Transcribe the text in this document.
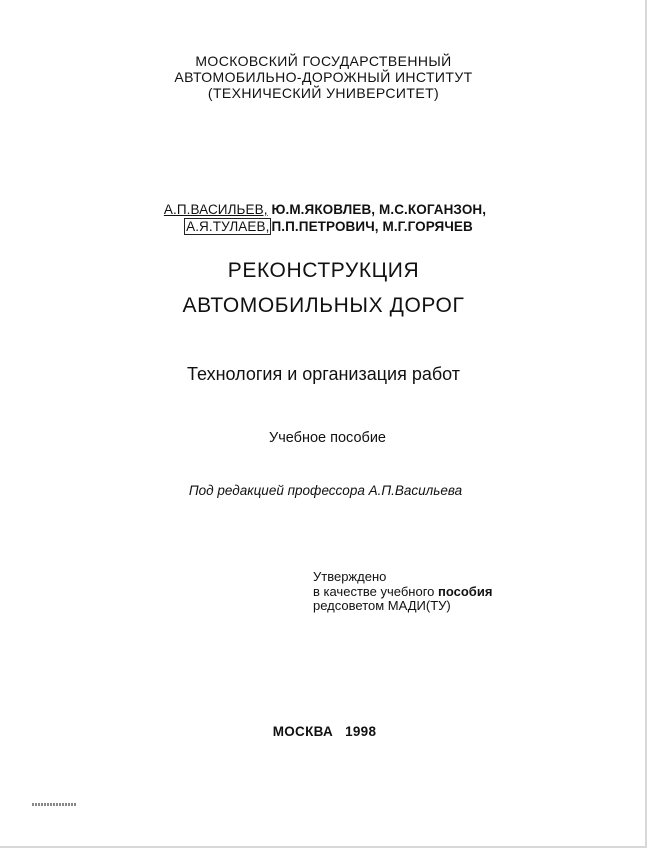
МОСКОВСКИЙ ГОСУДАРСТВЕННЫЙ
АВТОМОБИЛЬНО-ДОРОЖНЫЙ ИНСТИТУТ
(ТЕХНИЧЕСКИЙ УНИВЕРСИТЕТ)
А.П.ВАСИЛЬЕВ, Ю.М.ЯКОВЛЕВ, М.С.КОГАНЗОН,
А.Я.ТУЛАЕВ, П.П.ПЕТРОВИЧ, М.Г.ГОРЯЧЕВ
РЕКОНСТРУКЦИЯ
АВТОМОБИЛЬНЫХ ДОРОГ
Технология и организация работ
Учебное пособие
Под редакцией профессора А.П.Васильева
Утверждено
в качестве учебного пособия
редсоветом МАДИ(ТУ)
МОСКВА 1998
